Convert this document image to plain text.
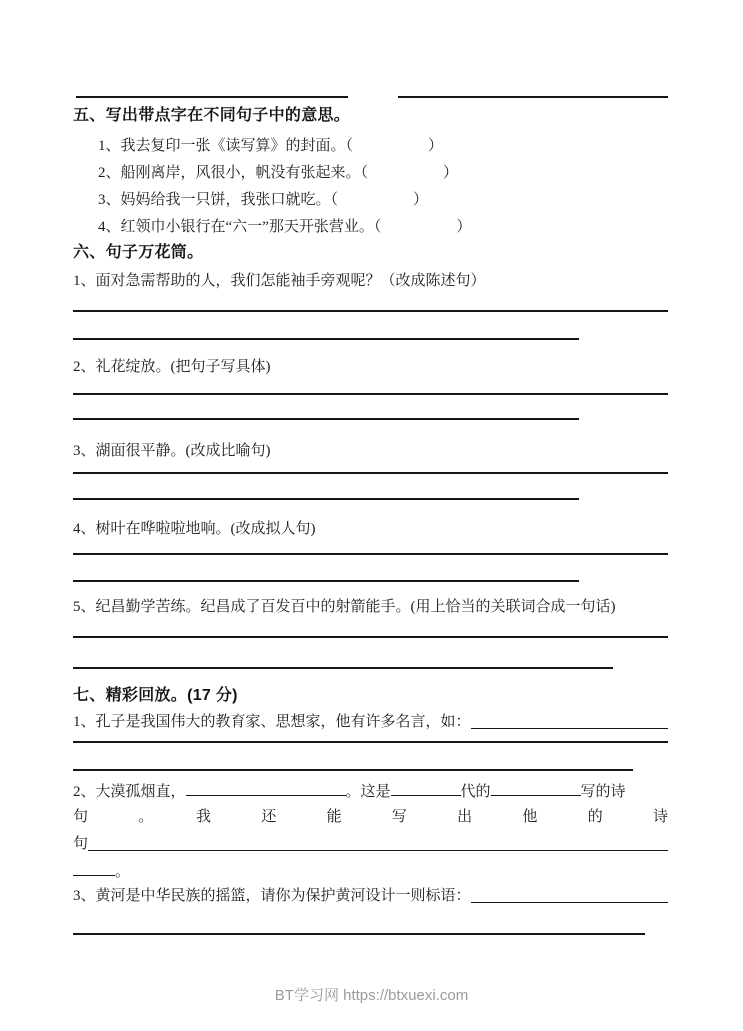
五、写出带点字在不同句子中的意思。
1、我去复印一张《读写算》的封面。（　　　　　）
2、船刚离岸，风很小，帆没有张起来。（　　　　　）
3、妈妈给我一只饼，我张口就吃。（　　　　　）
4、红领巾小银行在“六一”那天开张营业。（　　　　　）
六、句子万花筒。
1、面对急需帮助的人，我们怎能袖手旁观呢？（改成陈述句）
2、礼花绽放。(把句子写具体)
3、湖面很平静。(改成比喻句)
4、树叶在哗啦啦地响。(改成拟人句)
5、纪昌勤学苦练。纪昌成了百发百中的射箭能手。(用上恰当的关联词合成一句话)
七、精彩回放。(17 分)
1、孔子是我国伟大的教育家、思想家，他有许多名言，如：
2、大漠孤烟直，	。这是	代的	写的诗
句　。　我　还　能　写　出　他　的　诗
句
。
3、黄河是中华民族的摇篮，请你为保护黄河设计一则标语：
BT学习网 https://btxuexi.com
